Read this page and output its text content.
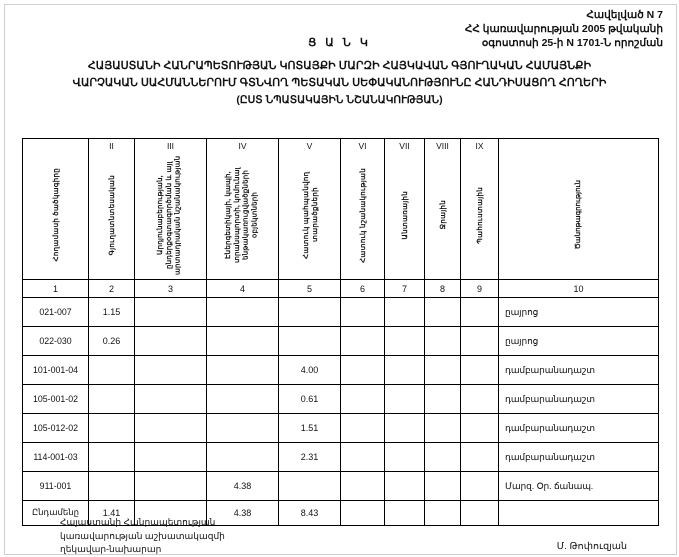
Հավելված N 7
ՀՀ կառավարության 2005 թվականի
օգոստոսի 25-ի N 1701-Ն որոշման
Ց Ա Ն Կ
ՀԱՅԱՍՏԱՆԻ ՀԱՆՐԱՊԵՏՈՒԹՅԱՆ ԿՈՏԱՅՔԻ ՄԱՐԶԻ ՀԱՅԿԱՎԱՆ ԳՅՈՒՂԱԿԱՆ ՀԱՄԱՅՆՔԻ
ՎԱՐՉԱԿԱՆ ՍԱՀՄԱՆՆԵՐՈՒՄ ԳՏՆՎՈՂ ՊԵՏԱԿԱՆ ՍԵՓԱԿԱՆՈՒԹՅՈՒՆԸ ՀԱՆԴԻՍԱՑՈՂ ՀՈՂԵՐԻ
(ԸՍՏ ՆՊԱՏԱԿԱՅԻՆ ՆՇԱՆԱԿՈՒԹՅԱՆ)
	II	III	IV	V	VI	VII	VIII	IX	
Հողամասի ծածկագիրը	Գյուղատնտեսական	Արդյունաբերության, ընդերքօգտագործման և այլ արտադրական նշանակության	Էներգետիկայի, կապի, տրանսպորտի, կոմունալ ենթակառուցվածքների օբյեկտների	Հատուկ պահպանվող տարածքների	Հատուկ նշանակության	Անտառային	Ջրային	Պահուստային	Ծանոթագրություն
1	2	3	4	5	6	7	8	9	10
021-007	1.15								ըայրոց
022-030	0.26								ըայրոց
101-001-04				4.00					դամբարանադաշտ
105-001-02				0.61					դամբարանադաշտ
105-012-02				1.51					դամբարանադաշտ
114-001-03				2.31					դամբարանադաշտ
911-001			4.38						Մարզ. Օր. ճանապ.
Ընդամենը	1.41		4.38	8.43					
Հայաստանի Հանրապետության
կառավարության աշխատակազմի
ղեկավար-նախարար	Մ. Թոփուզյան
